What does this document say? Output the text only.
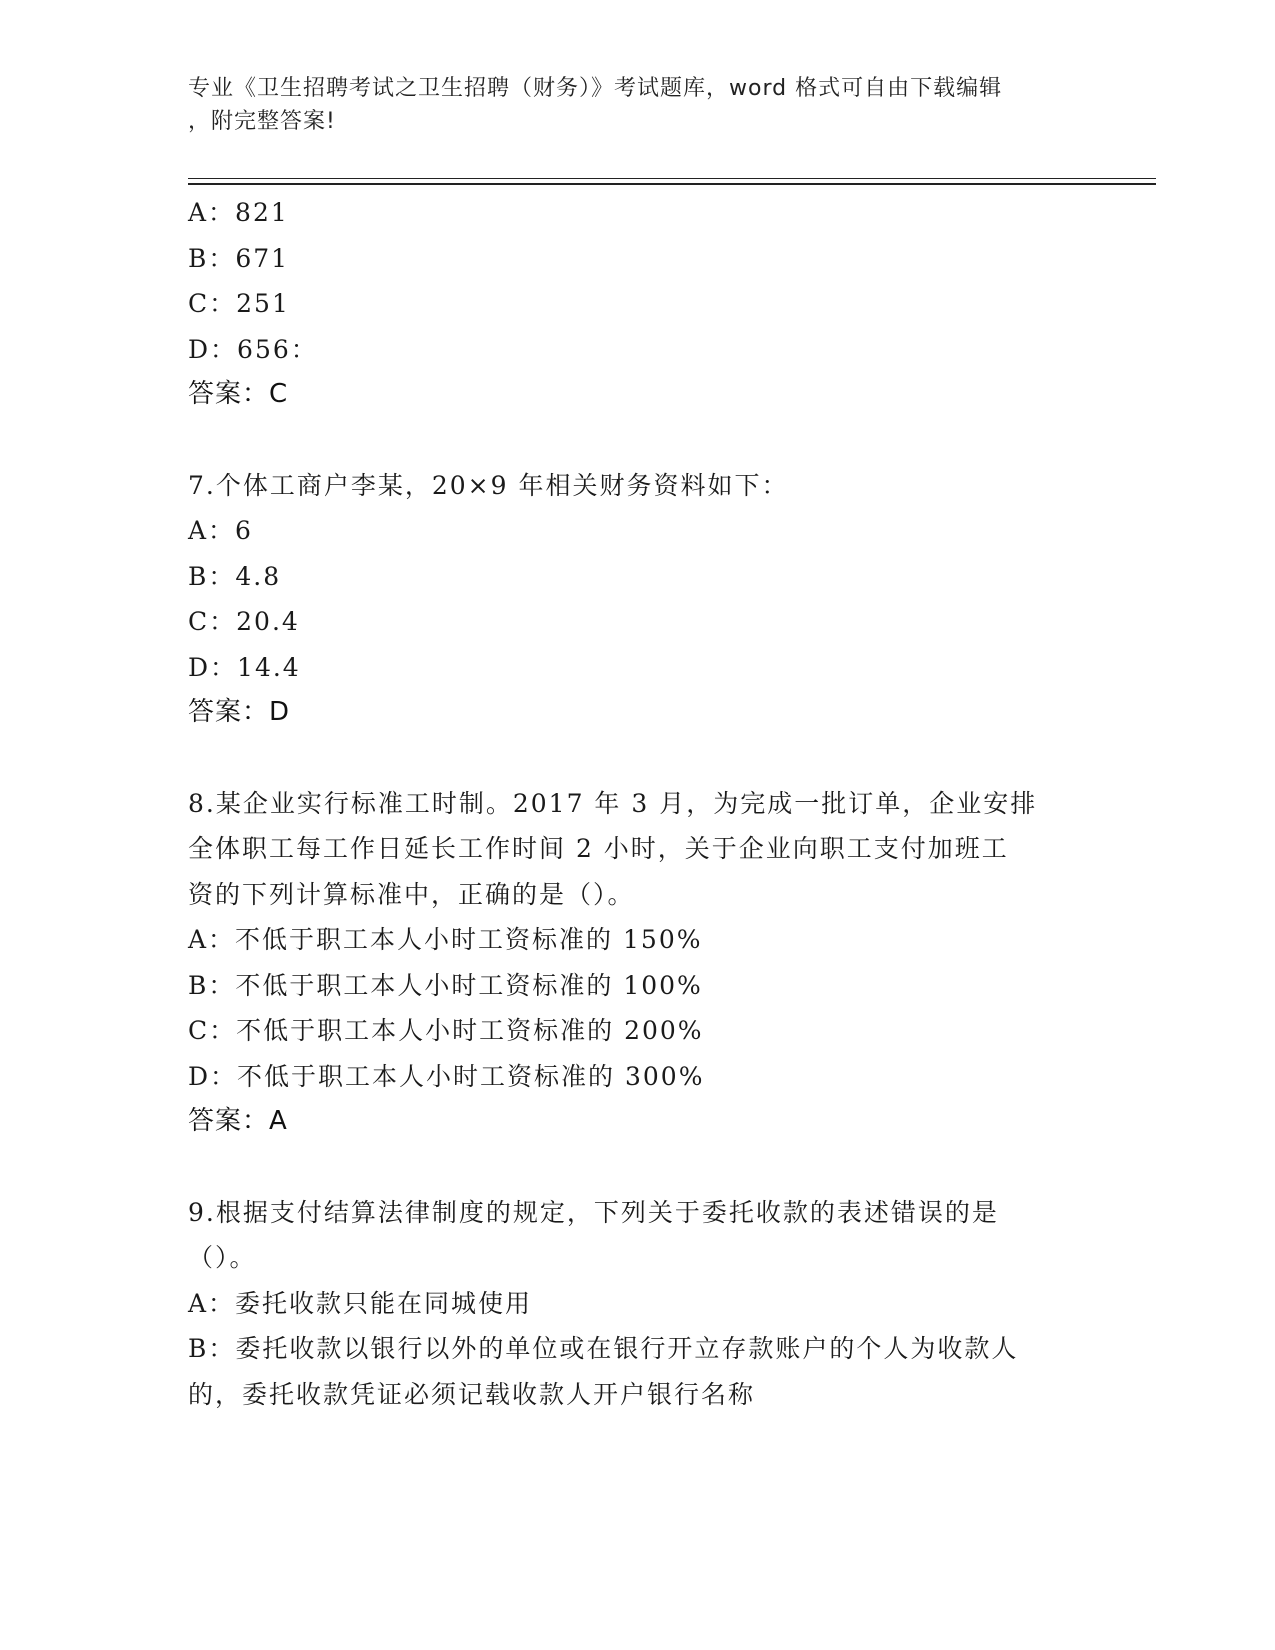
专业《卫生招聘考试之卫生招聘（财务）》考试题库，word 格式可自由下载编辑
，附完整答案!
A：821
B：671
C：251
D：656：
答案：C
7.个体工商户李某，20×9 年相关财务资料如下：
A：6
B：4.8
C：20.4
D：14.4
答案：D
8.某企业实行标准工时制。2017 年 3 月，为完成一批订单，企业安排
全体职工每工作日延长工作时间 2 小时，关于企业向职工支付加班工
资的下列计算标准中，正确的是（）。
A：不低于职工本人小时工资标准的 150%
B：不低于职工本人小时工资标准的 100%
C：不低于职工本人小时工资标准的 200%
D：不低于职工本人小时工资标准的 300%
答案：A
9.根据支付结算法律制度的规定，下列关于委托收款的表述错误的是
（）。
A：委托收款只能在同城使用
B：委托收款以银行以外的单位或在银行开立存款账户的个人为收款人
的，委托收款凭证必须记载收款人开户银行名称
